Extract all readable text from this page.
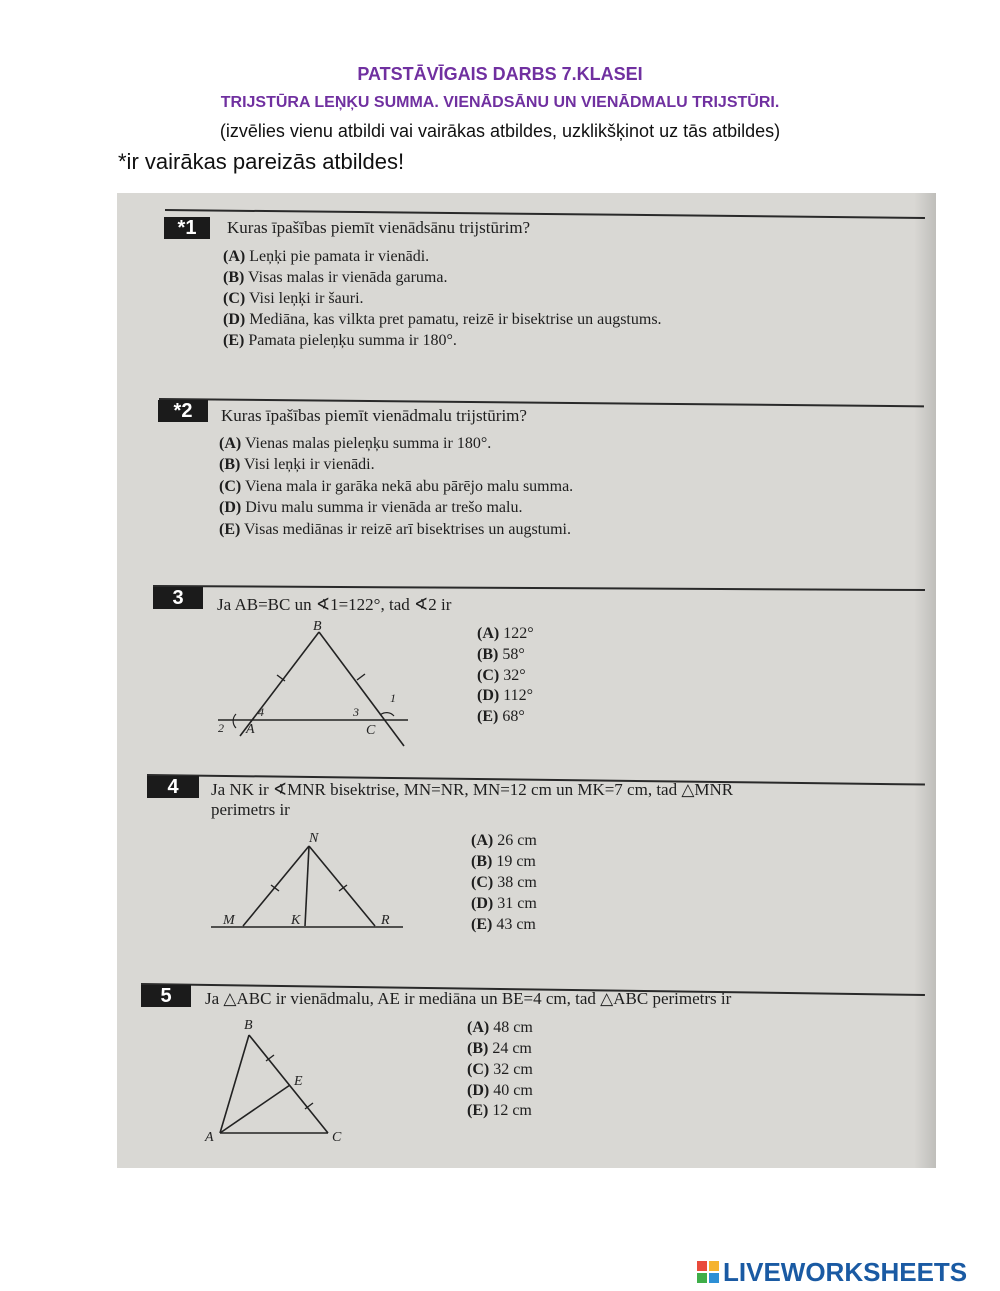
PATSTĀVĪGAIS DARBS 7.KLASEI
TRIJSTŪRA LEŅĶU SUMMA. VIENĀDSĀNU UN VIENĀDMALU TRIJSTŪRI.
(izvēlies vienu atbildi vai vairākas atbildes, uzklikšķinot uz tās atbildes)
*ir vairākas pareizās atbildes!
*1	Kuras īpašības piemīt vienādsānu trijstūrim?
(A) Leņķi pie pamata ir vienādi.
(B) Visas malas ir vienāda garuma.
(C) Visi leņķi ir šauri.
(D) Mediāna, kas vilkta pret pamatu, reizē ir bisektrise un augstums.
(E) Pamata pieleņķu summa ir 180°.
*2	Kuras īpašības piemīt vienādmalu trijstūrim?
(A) Vienas malas pieleņķu summa ir 180°.
(B) Visi leņķi ir vienādi.
(C) Viena mala ir garāka nekā abu pārējo malu summa.
(D) Divu malu summa ir vienāda ar trešo malu.
(E) Visas mediānas ir reizē arī bisektrises un augstumi.
3	Ja AB=BC un ∢1=122°, tad ∢2 ir
B
A	C
1
2
3
4
(A) 122°
(B) 58°
(C) 32°
(D) 112°
(E) 68°
4	Ja NK ir ∢MNR bisektrise, MN=NR, MN=12 cm un MK=7 cm, tad △MNR
perimetrs ir
N
M	K	R
(A) 26 cm
(B) 19 cm
(C) 38 cm
(D) 31 cm
(E) 43 cm
5	Ja △ABC ir vienādmalu, AE ir mediāna un BE=4 cm, tad △ABC perimetrs ir
B
E
A	C
(A) 48 cm
(B) 24 cm
(C) 32 cm
(D) 40 cm
(E) 12 cm
LIVEWORKSHEETS
